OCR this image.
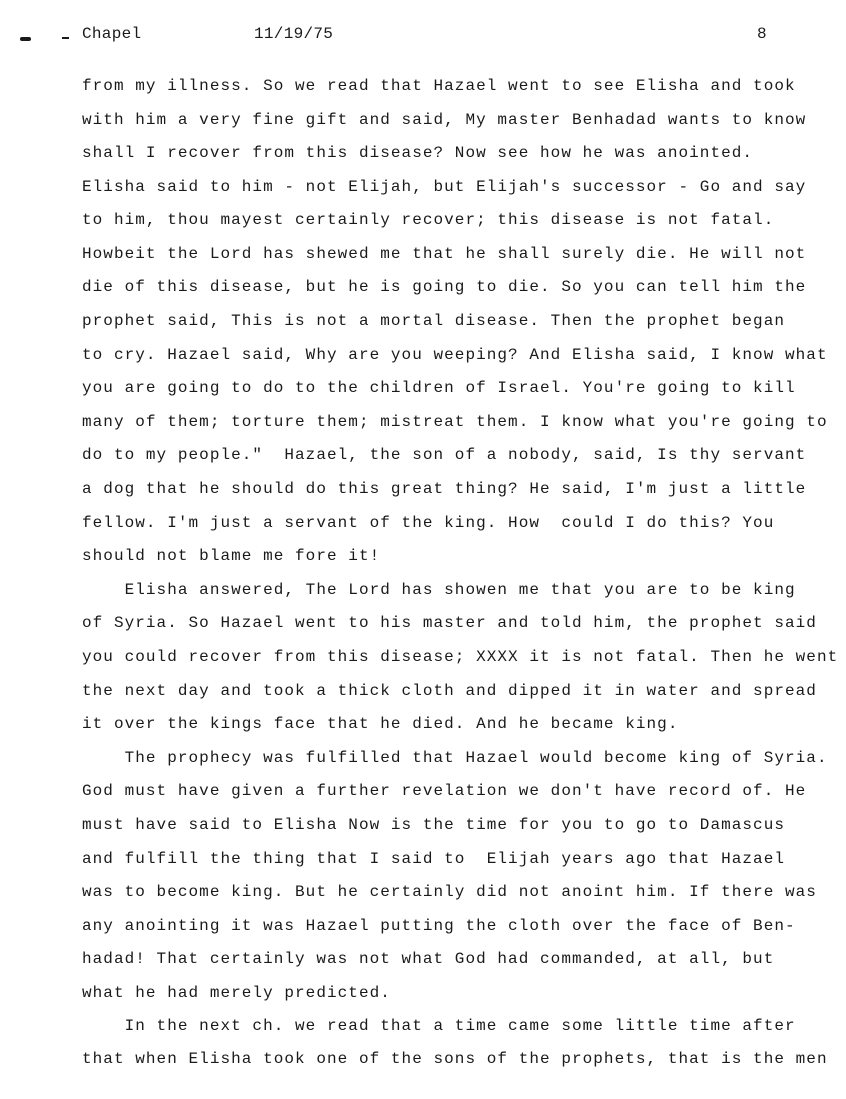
Chapel	11/19/75	8
from my illness. So we read that Hazael went to see Elisha and took
with him a very fine gift and said, My master Benhadad wants to know
shall I recover from this disease? Now see how he was anointed.
Elisha said to him - not Elijah, but Elijah's successor - Go and say
to him, thou mayest certainly recover; this disease is not fatal.
Howbeit the Lord has shewed me that he shall surely die. He will not
die of this disease, but he is going to die. So you can tell him the
prophet said, This is not a mortal disease. Then the prophet began
to cry. Hazael said, Why are you weeping? And Elisha said, I know what
you are going to do to the children of Israel. You're going to kill
many of them; torture them; mistreat them. I know what you're going to
do to my people."  Hazael, the son of a nobody, said, Is thy servant
a dog that he should do this great thing? He said, I'm just a little
fellow. I'm just a servant of the king. How  could I do this? You
should not blame me fore it!
Elisha answered, The Lord has showen me that you are to be king
of Syria. So Hazael went to his master and told him, the prophet said
you could recover from this disease; XXXX it is not fatal. Then he went
the next day and took a thick cloth and dipped it in water and spread
it over the kings face that he died. And he became king.
The prophecy was fulfilled that Hazael would become king of Syria.
God must have given a further revelation we don't have record of. He
must have said to Elisha Now is the time for you to go to Damascus
and fulfill the thing that I said to  Elijah years ago that Hazael
was to become king. But he certainly did not anoint him. If there was
any anointing it was Hazael putting the cloth over the face of Ben-
hadad! That certainly was not what God had commanded, at all, but
what he had merely predicted.
In the next ch. we read that a time came some little time after
that when Elisha took one of the sons of the prophets, that is the men
